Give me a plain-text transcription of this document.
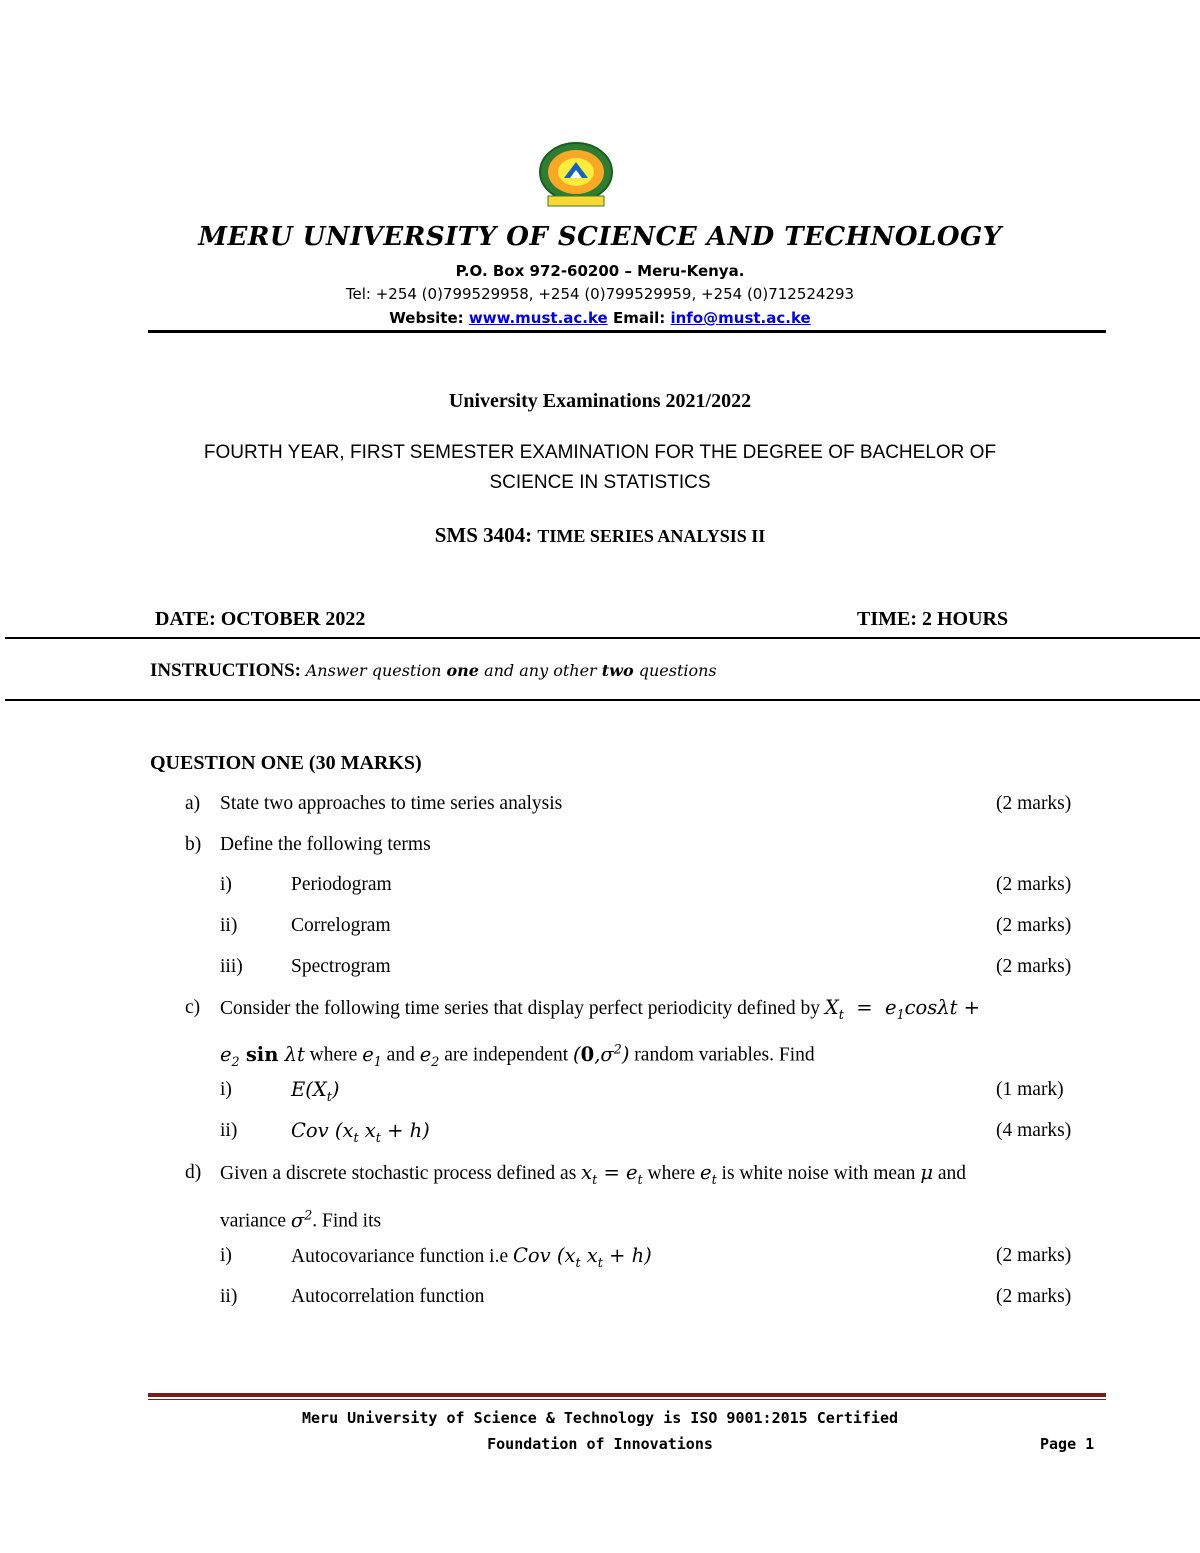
MERU UNIVERSITY OF SCIENCE AND TECHNOLOGY
P.O. Box 972-60200 – Meru-Kenya.
Tel: +254 (0)799529958, +254 (0)799529959, +254 (0)712524293
Website: www.must.ac.ke Email: info@must.ac.ke
University Examinations 2021/2022
FOURTH YEAR, FIRST SEMESTER EXAMINATION FOR THE DEGREE OF BACHELOR OF
SCIENCE IN STATISTICS
SMS 3404: TIME SERIES ANALYSIS II
DATE: OCTOBER 2022	TIME: 2 HOURS
INSTRUCTIONS: Answer question one and any other two questions
QUESTION ONE (30 MARKS)
a) State two approaches to time series analysis	(2 marks)
b) Define the following terms
i)	Periodogram	(2 marks)
ii)	Correlogram	(2 marks)
iii) Spectrogram	(2 marks)
c) Consider the following time series that display perfect periodicity defined by $X_t = e_1\cos\lambda t$ +
$e_2$ sin λt where $e_1$ and $e_2$ are independent $(0,\sigma^2)$ random variables. Find
i)	$E(X_t)$	(1 mark)
ii)	Cov ($x_t$ $x_t + h$)	(4 marks)
d) Given a discrete stochastic process defined as $x_t = e_t$ where $e_t$ is white noise with mean μ and
variance $\sigma^2$. Find its
i)	Autocovariance function i.e Cov ($x_t$ $x_t + h$)	(2 marks)
ii)	Autocorrelation function	(2 marks)
Meru University of Science & Technology is ISO 9001:2015 Certified
Foundation of Innovations	Page 1
